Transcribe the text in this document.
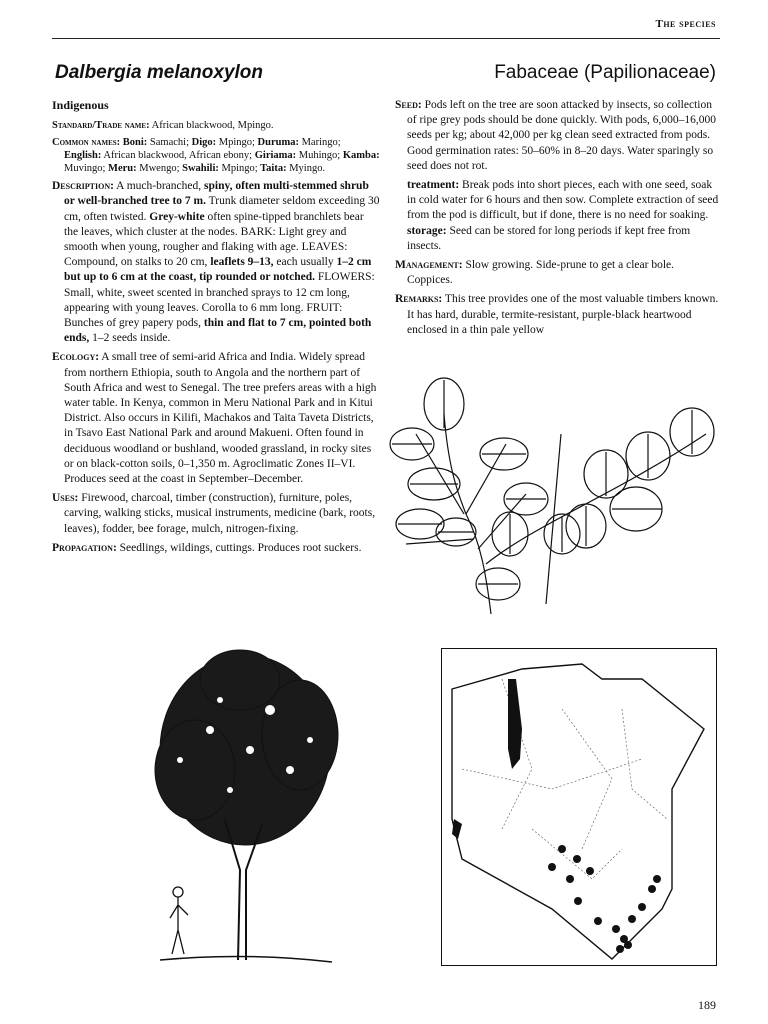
The species
Dalbergia melanoxylon	Fabaceae (Papilionaceae)

Indigenous

Standard/Trade name: African blackwood, Mpingo.

Common names: Boni: Samachi; Digo: Mpingo; Duruma: Maringo; English: African blackwood, African ebony; Giriama: Muhingo; Kamba: Muvingo; Meru: Mwengo; Swahili: Mpingo; Taita: Myingo.

Description: A much-branched, spiny, often multi-stemmed shrub or well-branched tree to 7 m. Trunk diameter seldom exceeding 30 cm, often twisted. Grey-white often spine-tipped branchlets bear the leaves, which cluster at the nodes. BARK: Light grey and smooth when young, rougher and flaking with age. LEAVES: Compound, on stalks to 20 cm, leaflets 9–13, each usually 1–2 cm but up to 6 cm at the coast, tip rounded or notched. FLOWERS: Small, white, sweet scented in branched sprays to 12 cm long, appearing with young leaves. Corolla to 6 mm long. FRUIT: Bunches of grey papery pods, thin and flat to 7 cm, pointed both ends, 1–2 seeds inside.

Ecology: A small tree of semi-arid Africa and India. Widely spread from northern Ethiopia, south to Angola and the northern part of South Africa and west to Senegal. The tree prefers areas with a high water table. In Kenya, common in Meru National Park and in Kitui District. Also occurs in Kilifi, Machakos and Taita Taveta Districts, in Tsavo East National Park and around Makueni. Often found in deciduous woodland or bushland, wooded grassland, in rocky sites or on black-cotton soils, 0–1,350 m. Agroclimatic Zones II–VI. Produces seed at the coast in September–December.

Uses: Firewood, charcoal, timber (construction), furniture, poles, carving, walking sticks, musical instruments, medicine (bark, roots, leaves), fodder, bee forage, mulch, nitrogen-fixing.

Propagation: Seedlings, wildings, cuttings. Produces root suckers.

Seed: Pods left on the tree are soon attacked by insects, so collection of ripe grey pods should be done quickly. With pods, 6,000–16,000 seeds per kg; about 42,000 per kg clean seed extracted from pods. Good germination rates: 50–60% in 8–20 days. Water sparingly so seed does not rot.

treatment: Break pods into short pieces, each with one seed, soak in cold water for 6 hours and then sow. Complete extraction of seed from the pod is difficult, but if done, there is no need for soaking.

storage: Seed can be stored for long periods if kept free from insects.

Management: Slow growing. Side-prune to get a clear bole. Coppices.

Remarks: This tree provides one of the most valuable timbers known. It has hard, durable, termite-resistant, purple-black heartwood enclosed in a thin pale yellow

189
